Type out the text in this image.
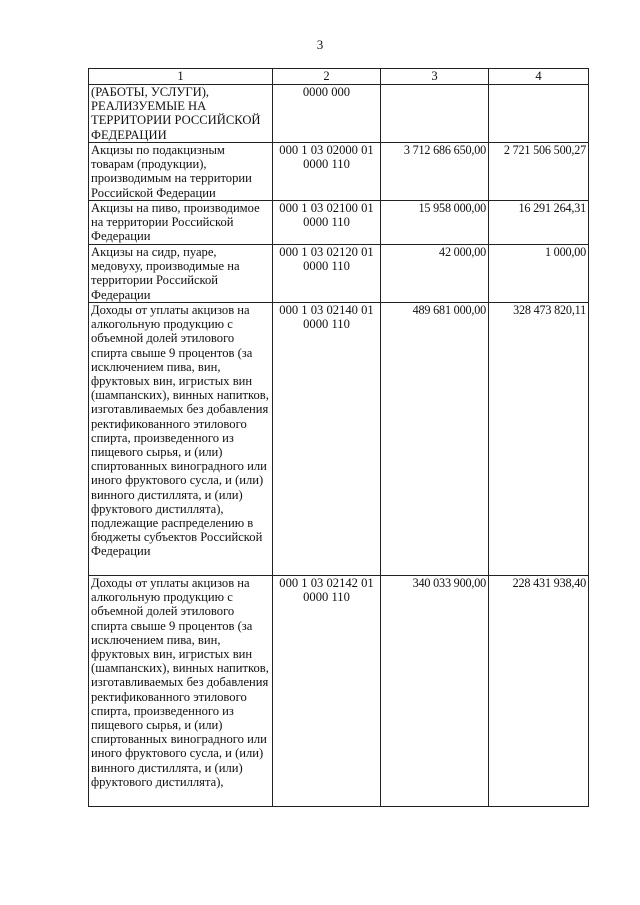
3
1	2	3	4
(РАБОТЫ, УСЛУГИ), РЕАЛИЗУЕМЫЕ НА ТЕРРИТОРИИ РОССИЙСКОЙ ФЕДЕРАЦИИ	0000 000		
Акцизы по подакцизным товарам (продукции), производимым на территории Российской Федерации	000 1 03 02000 01 0000 110	3 712 686 650,00	2 721 506 500,27
Акцизы на пиво, производимое на территории Российской Федерации	000 1 03 02100 01 0000 110	15 958 000,00	16 291 264,31
Акцизы на сидр, пуаре, медовуху, производимые на территории Российской Федерации	000 1 03 02120 01 0000 110	42 000,00	1 000,00
Доходы от уплаты акцизов на алкогольную продукцию с объемной долей этилового спирта свыше 9 процентов (за исключением пива, вин, фруктовых вин, игристых вин (шампанских), винных напитков, изготавливаемых без добавления ректификованного этилового спирта, произведенного из пищевого сырья, и (или) спиртованных виноградного или иного фруктового сусла, и (или) винного дистиллята, и (или) фруктового дистиллята), подлежащие распределению в бюджеты субъектов Российской Федерации	000 1 03 02140 01 0000 110	489 681 000,00	328 473 820,11
Доходы от уплаты акцизов на алкогольную продукцию с объемной долей этилового спирта свыше 9 процентов (за исключением пива, вин, фруктовых вин, игристых вин (шампанских), винных напитков, изготавливаемых без добавления ректификованного этилового спирта, произведенного из пищевого сырья, и (или) спиртованных виноградного или иного фруктового сусла, и (или) винного дистиллята, и (или) фруктового дистиллята),	000 1 03 02142 01 0000 110	340 033 900,00	228 431 938,40
